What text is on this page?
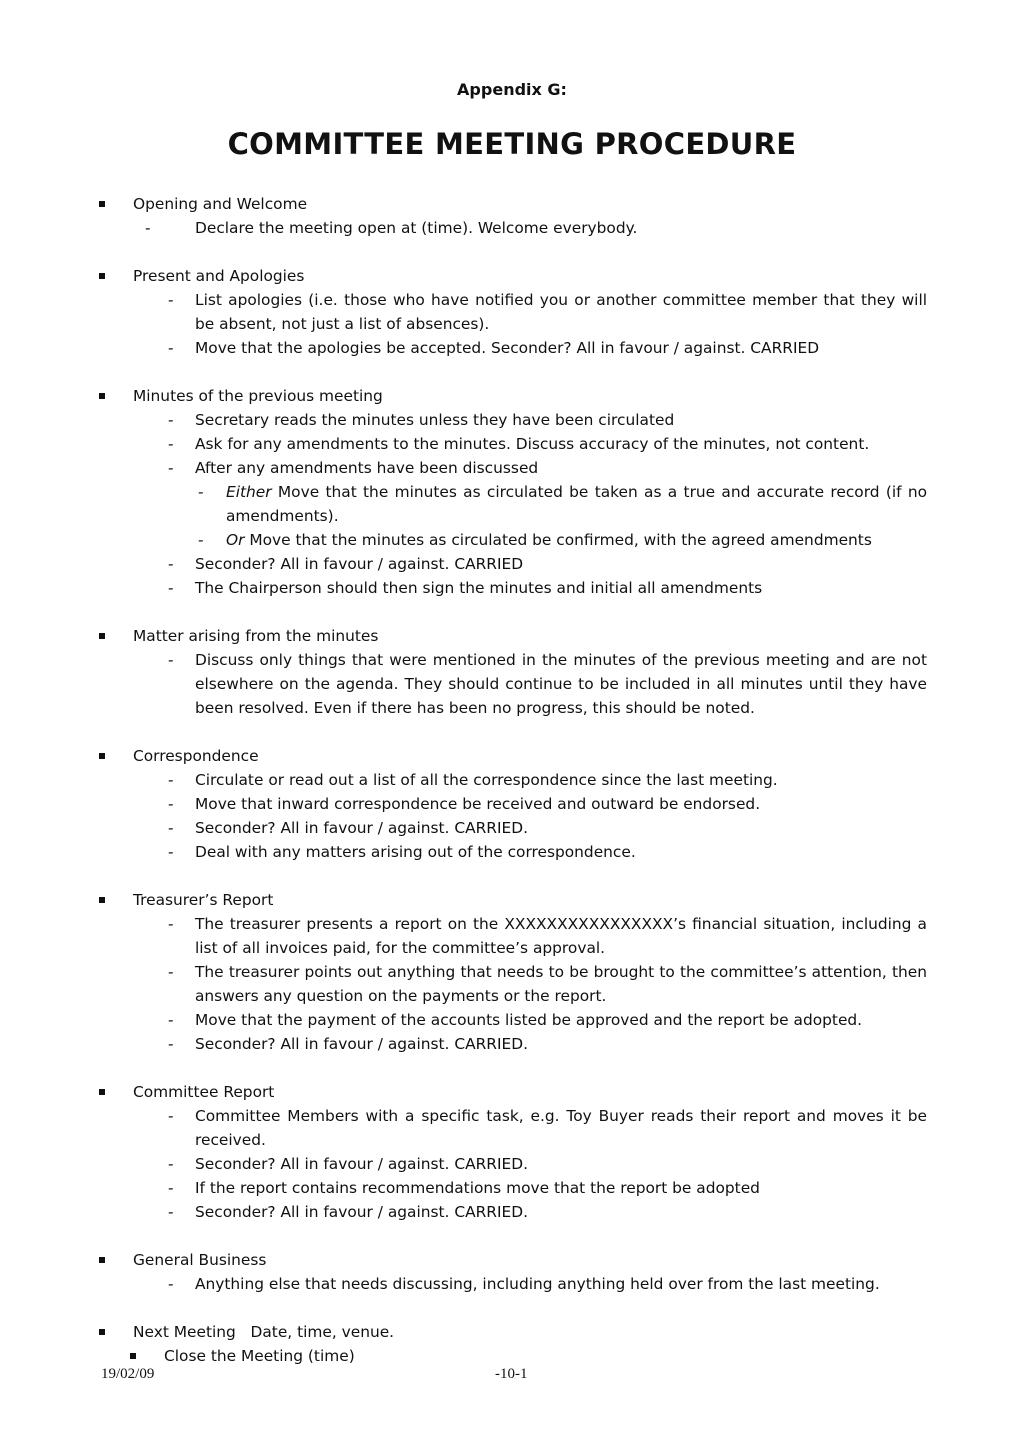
Appendix G:
COMMITTEE MEETING PROCEDURE
Opening and Welcome
-	Declare the meeting open at (time). Welcome everybody.
Present and Apologies
- List apologies (i.e. those who have notified you or another committee member that they will be absent, not just a list of absences).
- Move that the apologies be accepted. Seconder? All in favour / against. CARRIED
Minutes of the previous meeting
- Secretary reads the minutes unless they have been circulated
- Ask for any amendments to the minutes. Discuss accuracy of the minutes, not content.
- After any amendments have been discussed
- Either Move that the minutes as circulated be taken as a true and accurate record (if no amendments).
- Or Move that the minutes as circulated be confirmed, with the agreed amendments
- Seconder? All in favour / against. CARRIED
- The Chairperson should then sign the minutes and initial all amendments
Matter arising from the minutes
- Discuss only things that were mentioned in the minutes of the previous meeting and are not elsewhere on the agenda. They should continue to be included in all minutes until they have been resolved. Even if there has been no progress, this should be noted.
Correspondence
- Circulate or read out a list of all the correspondence since the last meeting.
- Move that inward correspondence be received and outward be endorsed.
- Seconder? All in favour / against. CARRIED.
- Deal with any matters arising out of the correspondence.
Treasurer’s Report
- The treasurer presents a report on the XXXXXXXXXXXXXXXX’s financial situation, including a list of all invoices paid, for the committee’s approval.
- The treasurer points out anything that needs to be brought to the committee’s attention, then answers any question on the payments or the report.
- Move that the payment of the accounts listed be approved and the report be adopted.
- Seconder? All in favour / against. CARRIED.
Committee Report
- Committee Members with a specific task, e.g. Toy Buyer reads their report and moves it be received.
- Seconder? All in favour / against. CARRIED.
- If the report contains recommendations move that the report be adopted
- Seconder? All in favour / against. CARRIED.
General Business
- Anything else that needs discussing, including anything held over from the last meeting.
Next Meeting Date, time, venue.
Close the Meeting (time)
19/02/09	-10-1
